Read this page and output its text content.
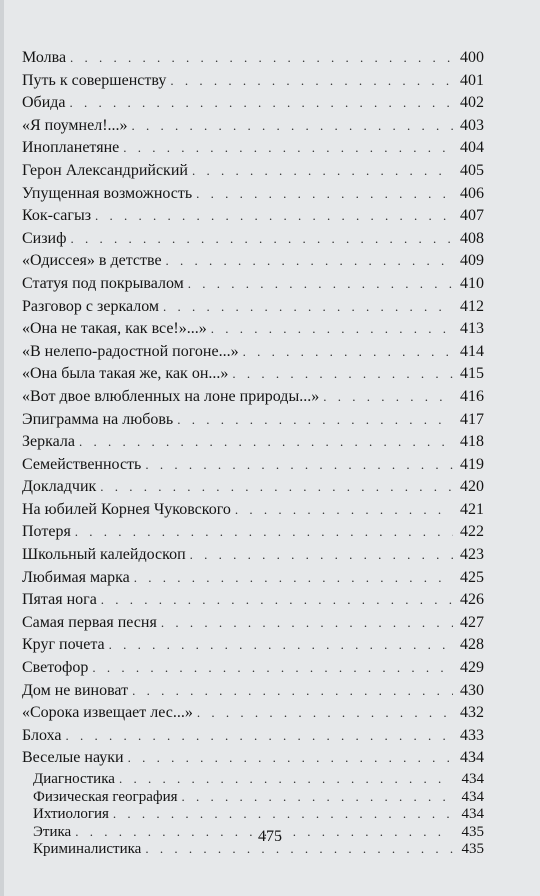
Молва . . .	400
Путь к совершенству . . .	401
Обида . . .	402
«Я поумнел!...» . . .	403
Инопланетяне . . .	404
Герон Александрийский . . .	405
Упущенная возможность . . .	406
Кок-сагыз . . .	407
Сизиф . . .	408
«Одиссея» в детстве . . .	409
Статуя под покрывалом . . .	410
Разговор с зеркалом . . .	412
«Она не такая, как все!»...» . . .	413
«В нелепо-радостной погоне...» . . .	414
«Она была такая же, как он...» . . .	415
«Вот двое влюбленных на лоне природы...» . . .	416
Эпиграмма на любовь . . .	417
Зеркала . . .	418
Семейственность . . .	419
Докладчик . . .	420
На юбилей Корнея Чуковского . . .	421
Потеря . . .	422
Школьный калейдоскоп . . .	423
Любимая марка . . .	425
Пятая нога . . .	426
Самая первая песня . . .	427
Круг почета . . .	428
Светофор . . .	429
Дом не виноват . . .	430
«Сорока извещает лес...» . . .	432
Блоха . . .	433
Веселые науки . . .	434
Диагностика . . .	434
Физическая география . . .	434
Ихтиология . . .	434
Этика . . .	435
Криминалистика . . .	435
475
